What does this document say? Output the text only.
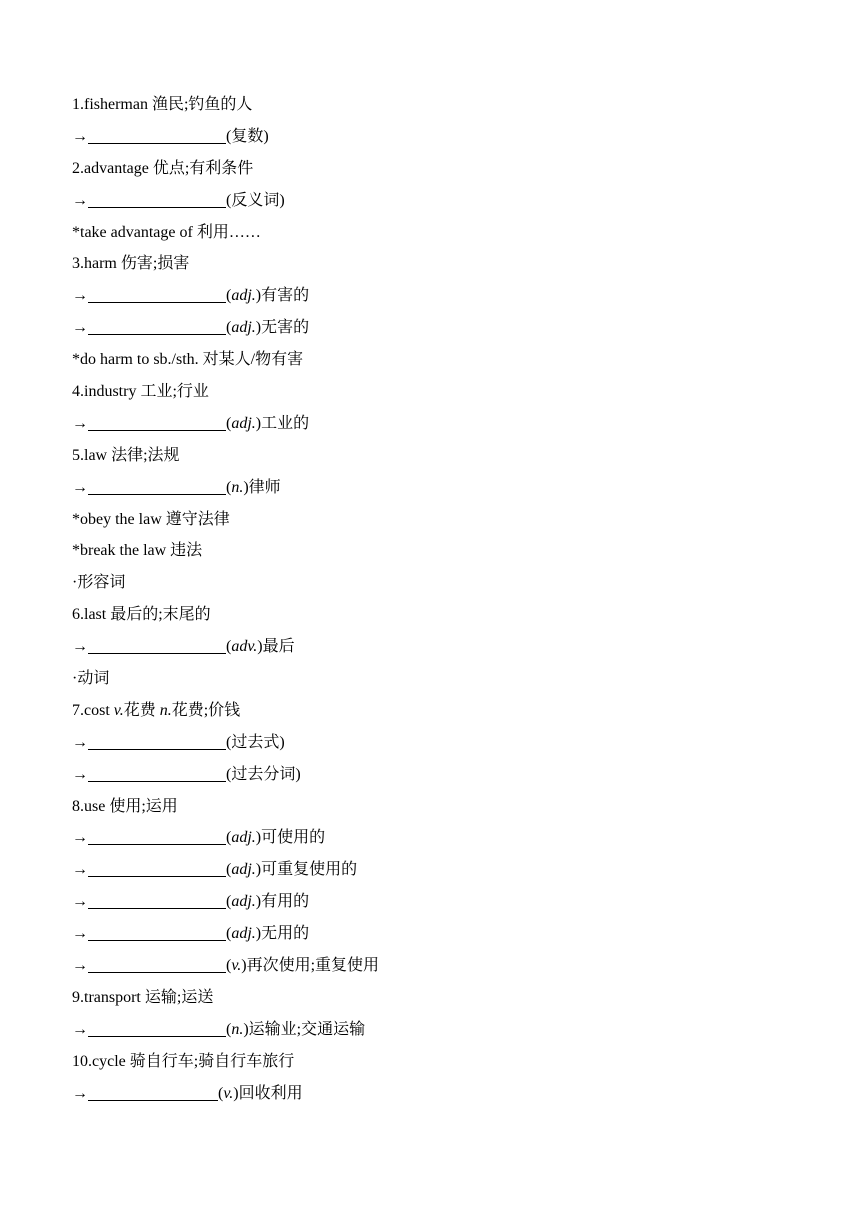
1.fisherman 渔民;钓鱼的人
→	(复数)
2.advantage 优点;有利条件
→	(反义词)
*take advantage of 利用……
3.harm 伤害;损害
→	(adj.)有害的
→	(adj.)无害的
*do harm to sb./sth. 对某人/物有害
4.industry 工业;行业
→	(adj.)工业的
5.law 法律;法规
→	(n.)律师
*obey the law 遵守法律
*break the law 违法
·形容词
6.last 最后的;末尾的
→	(adv.)最后
·动词
7.cost v.花费 n.花费;价钱
→	(过去式)
→	(过去分词)
8.use 使用;运用
→	(adj.)可使用的
→	(adj.)可重复使用的
→	(adj.)有用的
→	(adj.)无用的
→	(v.)再次使用;重复使用
9.transport 运输;运送
→	(n.)运输业;交通运输
10.cycle 骑自行车;骑自行车旅行
→	(v.)回收利用
